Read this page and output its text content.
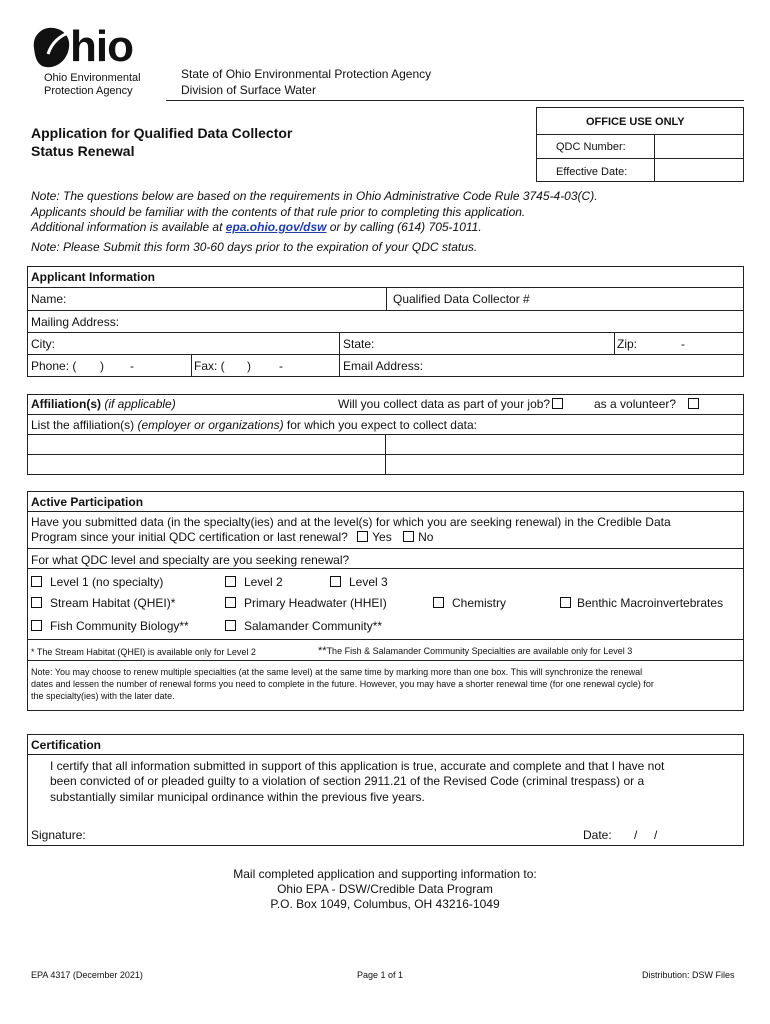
hio
Ohio Environmental
Protection Agency
State of Ohio Environmental Protection Agency
Division of Surface Water
Application for Qualified Data Collector
Status Renewal
OFFICE USE ONLY
QDC Number:
Effective Date:
Note: The questions below are based on the requirements in Ohio Administrative Code Rule 3745-4-03(C).
Applicants should be familiar with the contents of that rule prior to completing this application.
Additional information is available at epa.ohio.gov/dsw or by calling (614) 705-1011.
Note: Please Submit this form 30-60 days prior to the expiration of your QDC status.
Applicant Information
Name:	Qualified Data Collector #
Mailing Address:
City:	State:	Zip:	-
Phone: ( ) -	Fax: ( ) -	Email Address:
Affiliation(s) (if applicable)	Will you collect data as part of your job?	as a volunteer?
List the affiliation(s) (employer or organizations) for which you expect to collect data:
Active Participation
Have you submitted data (in the specialty(ies) and at the level(s) for which you are seeking renewal) in the Credible Data
Program since your initial QDC certification or last renewal? Yes No
For what QDC level and specialty are you seeking renewal?
Level 1 (no specialty)	Level 2	Level 3
Stream Habitat (QHEI)*	Primary Headwater (HHEI)	Chemistry	Benthic Macroinvertebrates
Fish Community Biology**	Salamander Community**
* The Stream Habitat (QHEI) is available only for Level 2	**The Fish & Salamander Community Specialties are available only for Level 3
Note: You may choose to renew multiple specialties (at the same level) at the same time by marking more than one box. This will synchronize the renewal
dates and lessen the number of renewal forms you need to complete in the future. However, you may have a shorter renewal time (for one renewal cycle) for
the specialty(ies) with the later date.
Certification
I certify that all information submitted in support of this application is true, accurate and complete and that I have not
been convicted of or pleaded guilty to a violation of section 2911.21 of the Revised Code (criminal trespass) or a
substantially similar municipal ordinance within the previous five years.
Signature:	Date: /     /
Mail completed application and supporting information to:
Ohio EPA - DSW/Credible Data Program
P.O. Box 1049, Columbus, OH 43216-1049
EPA 4317 (December 2021)	Page 1 of 1	Distribution: DSW Files
